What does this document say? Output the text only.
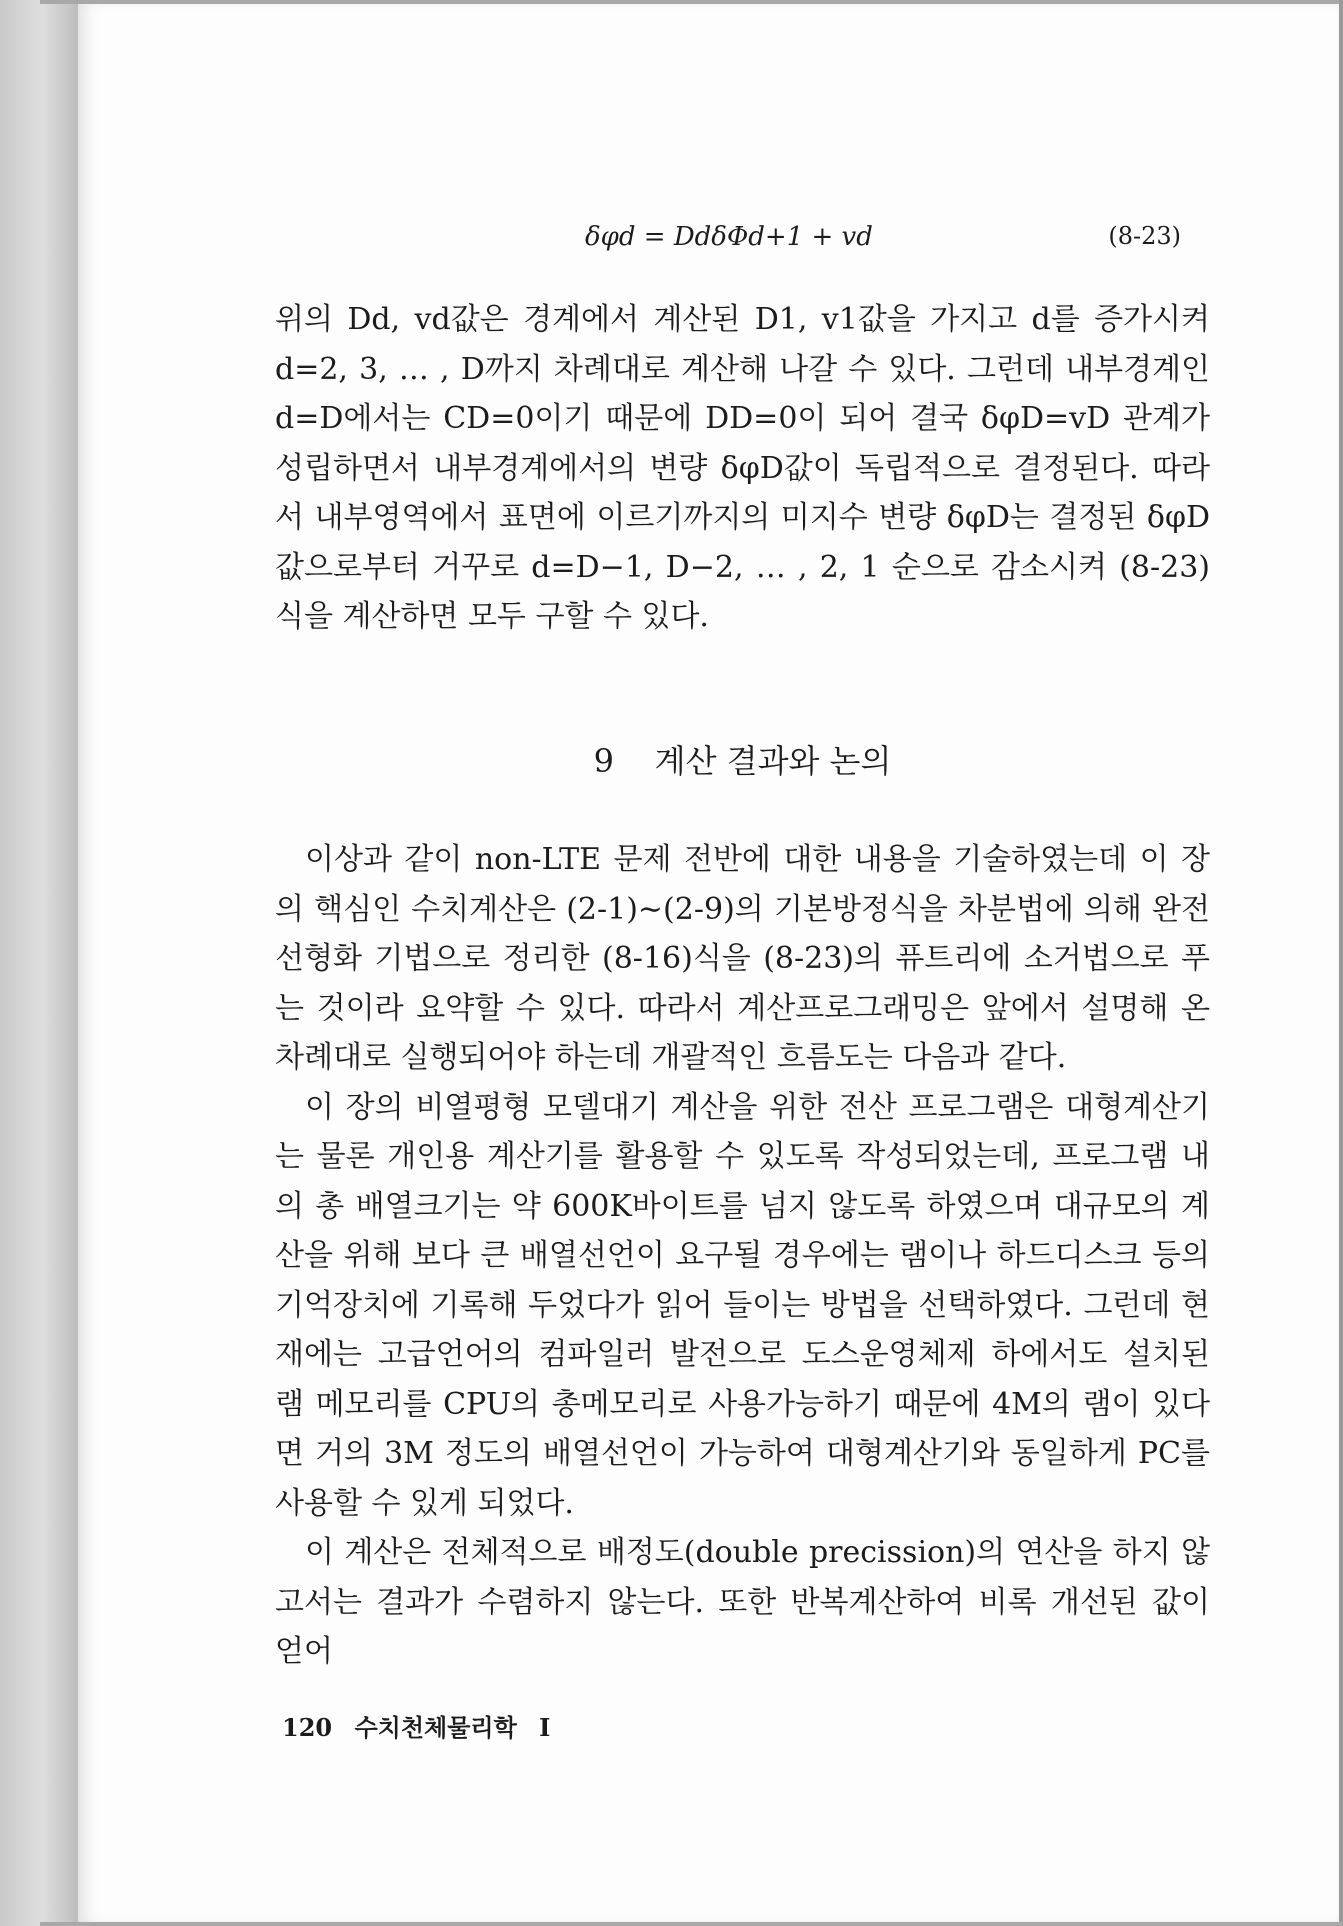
δφd = DdδΦd+1 + vd	(8-23)

위의 Dd, vd값은 경계에서 계산된 D1, v1값을 가지고 d를 증가시켜 d=2, 3, … , D까지 차례대로 계산해 나갈 수 있다. 그런데 내부경계인 d=D에서는 CD=0이기 때문에 DD=0이 되어 결국 δφD=vD 관계가 성립하면서 내부경계에서의 변량 δφD값이 독립적으로 결정된다. 따라서 내부영역에서 표면에 이르기까지의 미지수 변량 δφD는 결정된 δφD값으로부터 거꾸로 d=D−1, D−2, … , 2, 1 순으로 감소시켜 (8-23)식을 계산하면 모두 구할 수 있다.

9 계산 결과와 논의

이상과 같이 non-LTE 문제 전반에 대한 내용을 기술하였는데 이 장의 핵심인 수치계산은 (2-1)∼(2-9)의 기본방정식을 차분법에 의해 완전선형화 기법으로 정리한 (8-16)식을 (8-23)의 퓨트리에 소거법으로 푸는 것이라 요약할 수 있다. 따라서 계산프로그래밍은 앞에서 설명해 온 차례대로 실행되어야 하는데 개괄적인 흐름도는 다음과 같다.

이 장의 비열평형 모델대기 계산을 위한 전산 프로그램은 대형계산기는 물론 개인용 계산기를 활용할 수 있도록 작성되었는데, 프로그램 내의 총 배열크기는 약 600K바이트를 넘지 않도록 하였으며 대규모의 계산을 위해 보다 큰 배열선언이 요구될 경우에는 램이나 하드디스크 등의 기억장치에 기록해 두었다가 읽어 들이는 방법을 선택하였다. 그런데 현재에는 고급언어의 컴파일러 발전으로 도스운영체제 하에서도 설치된 램 메모리를 CPU의 총메모리로 사용가능하기 때문에 4M의 램이 있다면 거의 3M 정도의 배열선언이 가능하여 대형계산기와 동일하게 PC를 사용할 수 있게 되었다.

이 계산은 전체적으로 배정도(double precission)의 연산을 하지 않고서는 결과가 수렴하지 않는다. 또한 반복계산하여 비록 개선된 값이 얻어

120 수치천체물리학 I
